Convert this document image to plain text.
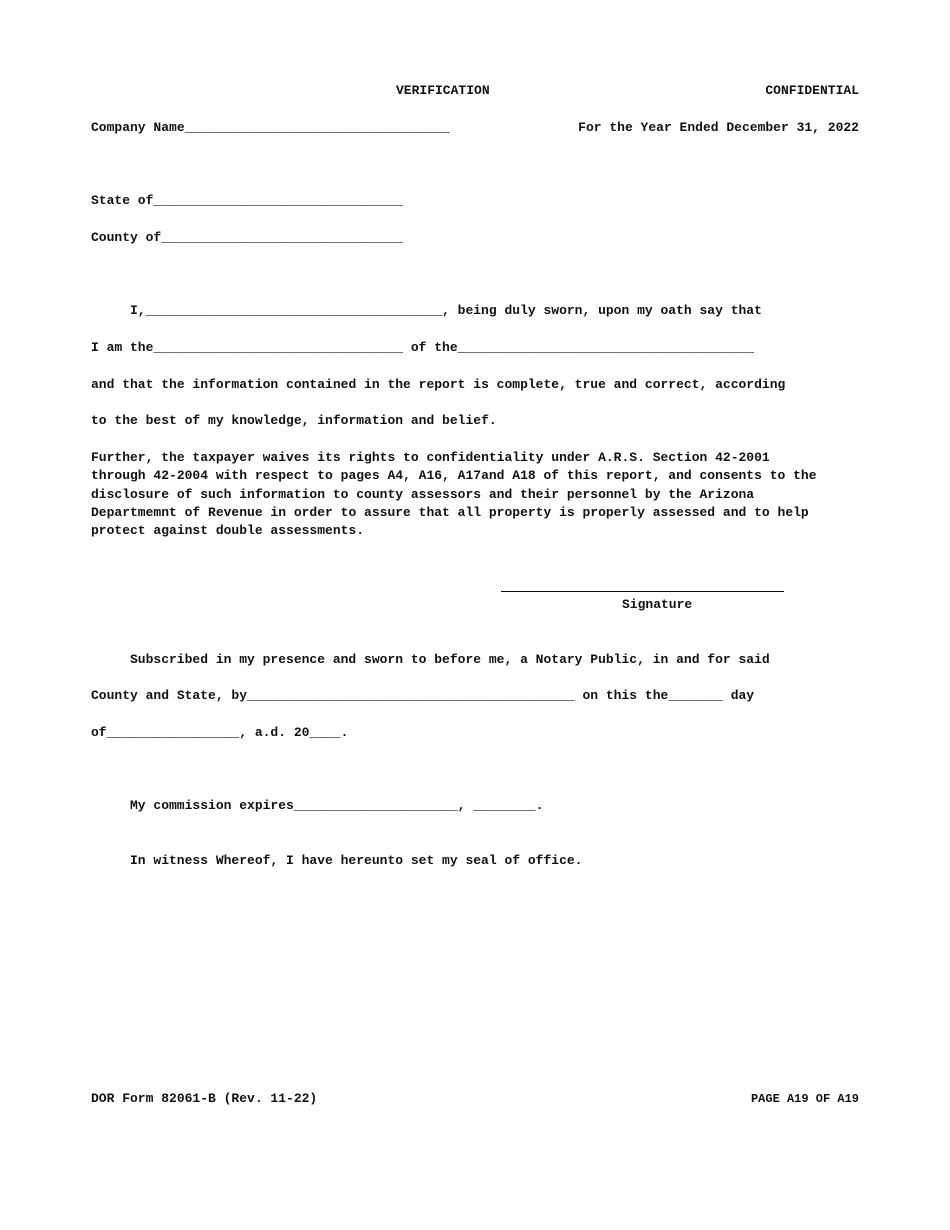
VERIFICATION	CONFIDENTIAL
Company Name__________________________________	For the Year Ended December 31, 2022
State of________________________________
County of_______________________________
I,______________________________________, being duly sworn, upon my oath say that
I am the________________________________ of the______________________________________
and that the information contained in the report is complete, true and correct, according
to the best of my knowledge, information and belief.
Further, the taxpayer waives its rights to confidentiality under A.R.S. Section 42-2001 through 42-2004 with respect to pages A4, A16, A17and A18 of this report, and consents to the disclosure of such information to county assessors and their personnel by the Arizona Departmemnt of Revenue in order to assure that all property is properly assessed and to help protect against double assessments.
Signature
Subscribed in my presence and sworn to before me, a Notary Public, in and for said
County and State, by__________________________________________ on this the_______ day
of_________________, a.d. 20____.
My commission expires_____________________, ________.
In witness Whereof, I have hereunto set my seal of office.
DOR Form 82061-B (Rev. 11-22)	PAGE A19 OF A19
